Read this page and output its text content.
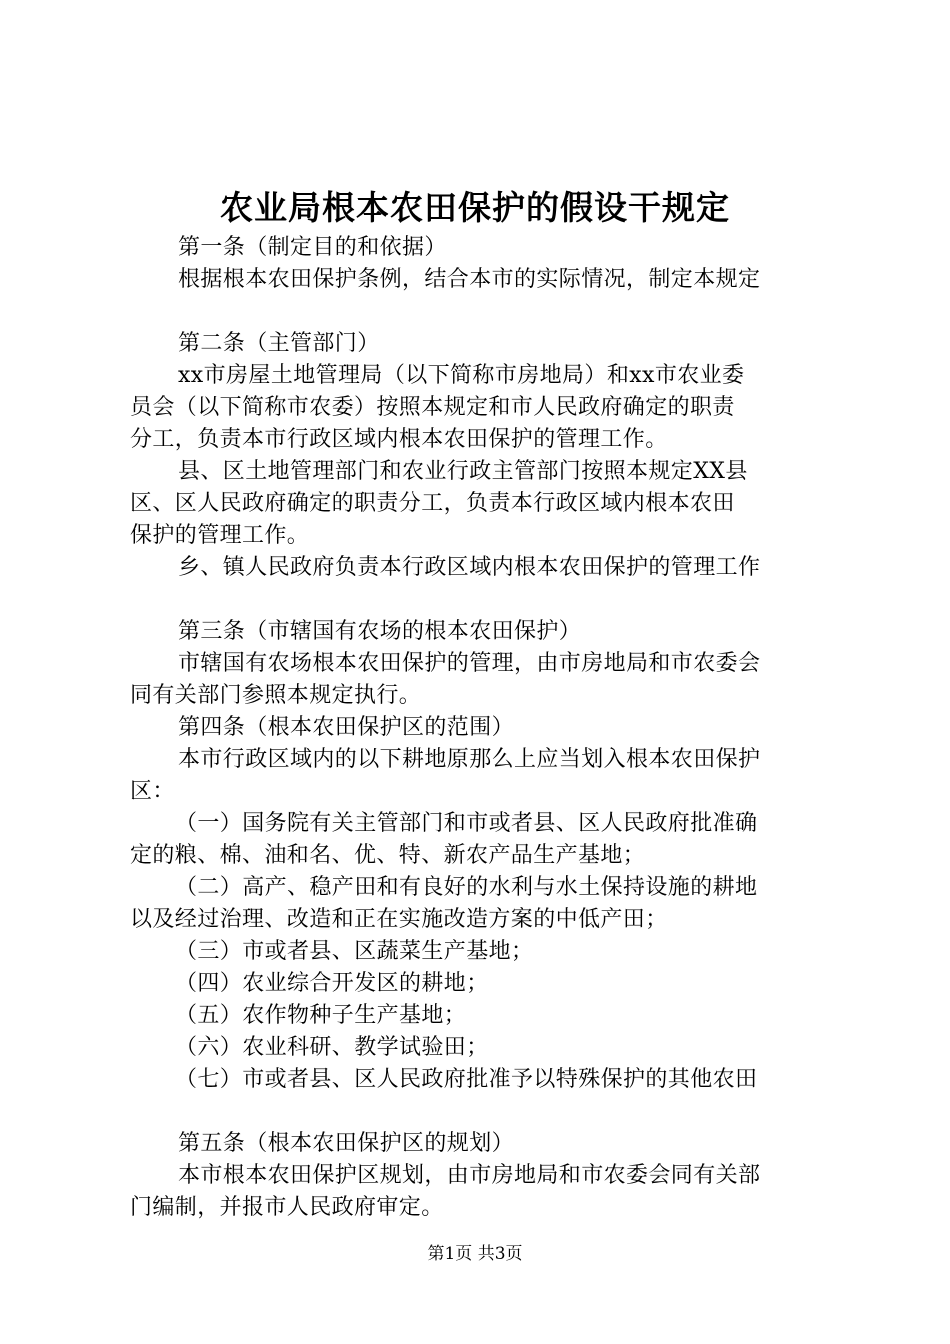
农业局根本农田保护的假设干规定
第一条（制定目的和依据）
根据根本农田保护条例，结合本市的实际情况，制定本规定
第二条（主管部门）
xx市房屋土地管理局（以下简称市房地局）和xx市农业委
员会（以下简称市农委）按照本规定和市人民政府确定的职责
分工，负责本市行政区域内根本农田保护的管理工作。
县、区土地管理部门和农业行政主管部门按照本规定XX县
区、区人民政府确定的职责分工，负责本行政区域内根本农田
保护的管理工作。
乡、镇人民政府负责本行政区域内根本农田保护的管理工作
第三条（市辖国有农场的根本农田保护）
市辖国有农场根本农田保护的管理，由市房地局和市农委会
同有关部门参照本规定执行。
第四条（根本农田保护区的范围）
本市行政区域内的以下耕地原那么上应当划入根本农田保护
区：
（一）国务院有关主管部门和市或者县、区人民政府批准确
定的粮、棉、油和名、优、特、新农产品生产基地；
（二）高产、稳产田和有良好的水利与水土保持设施的耕地
以及经过治理、改造和正在实施改造方案的中低产田；
（三）市或者县、区蔬菜生产基地；
（四）农业综合开发区的耕地；
（五）农作物种子生产基地；
（六）农业科研、教学试验田；
（七）市或者县、区人民政府批准予以特殊保护的其他农田
第五条（根本农田保护区的规划）
本市根本农田保护区规划，由市房地局和市农委会同有关部
门编制，并报市人民政府审定。
第1页 共3页
